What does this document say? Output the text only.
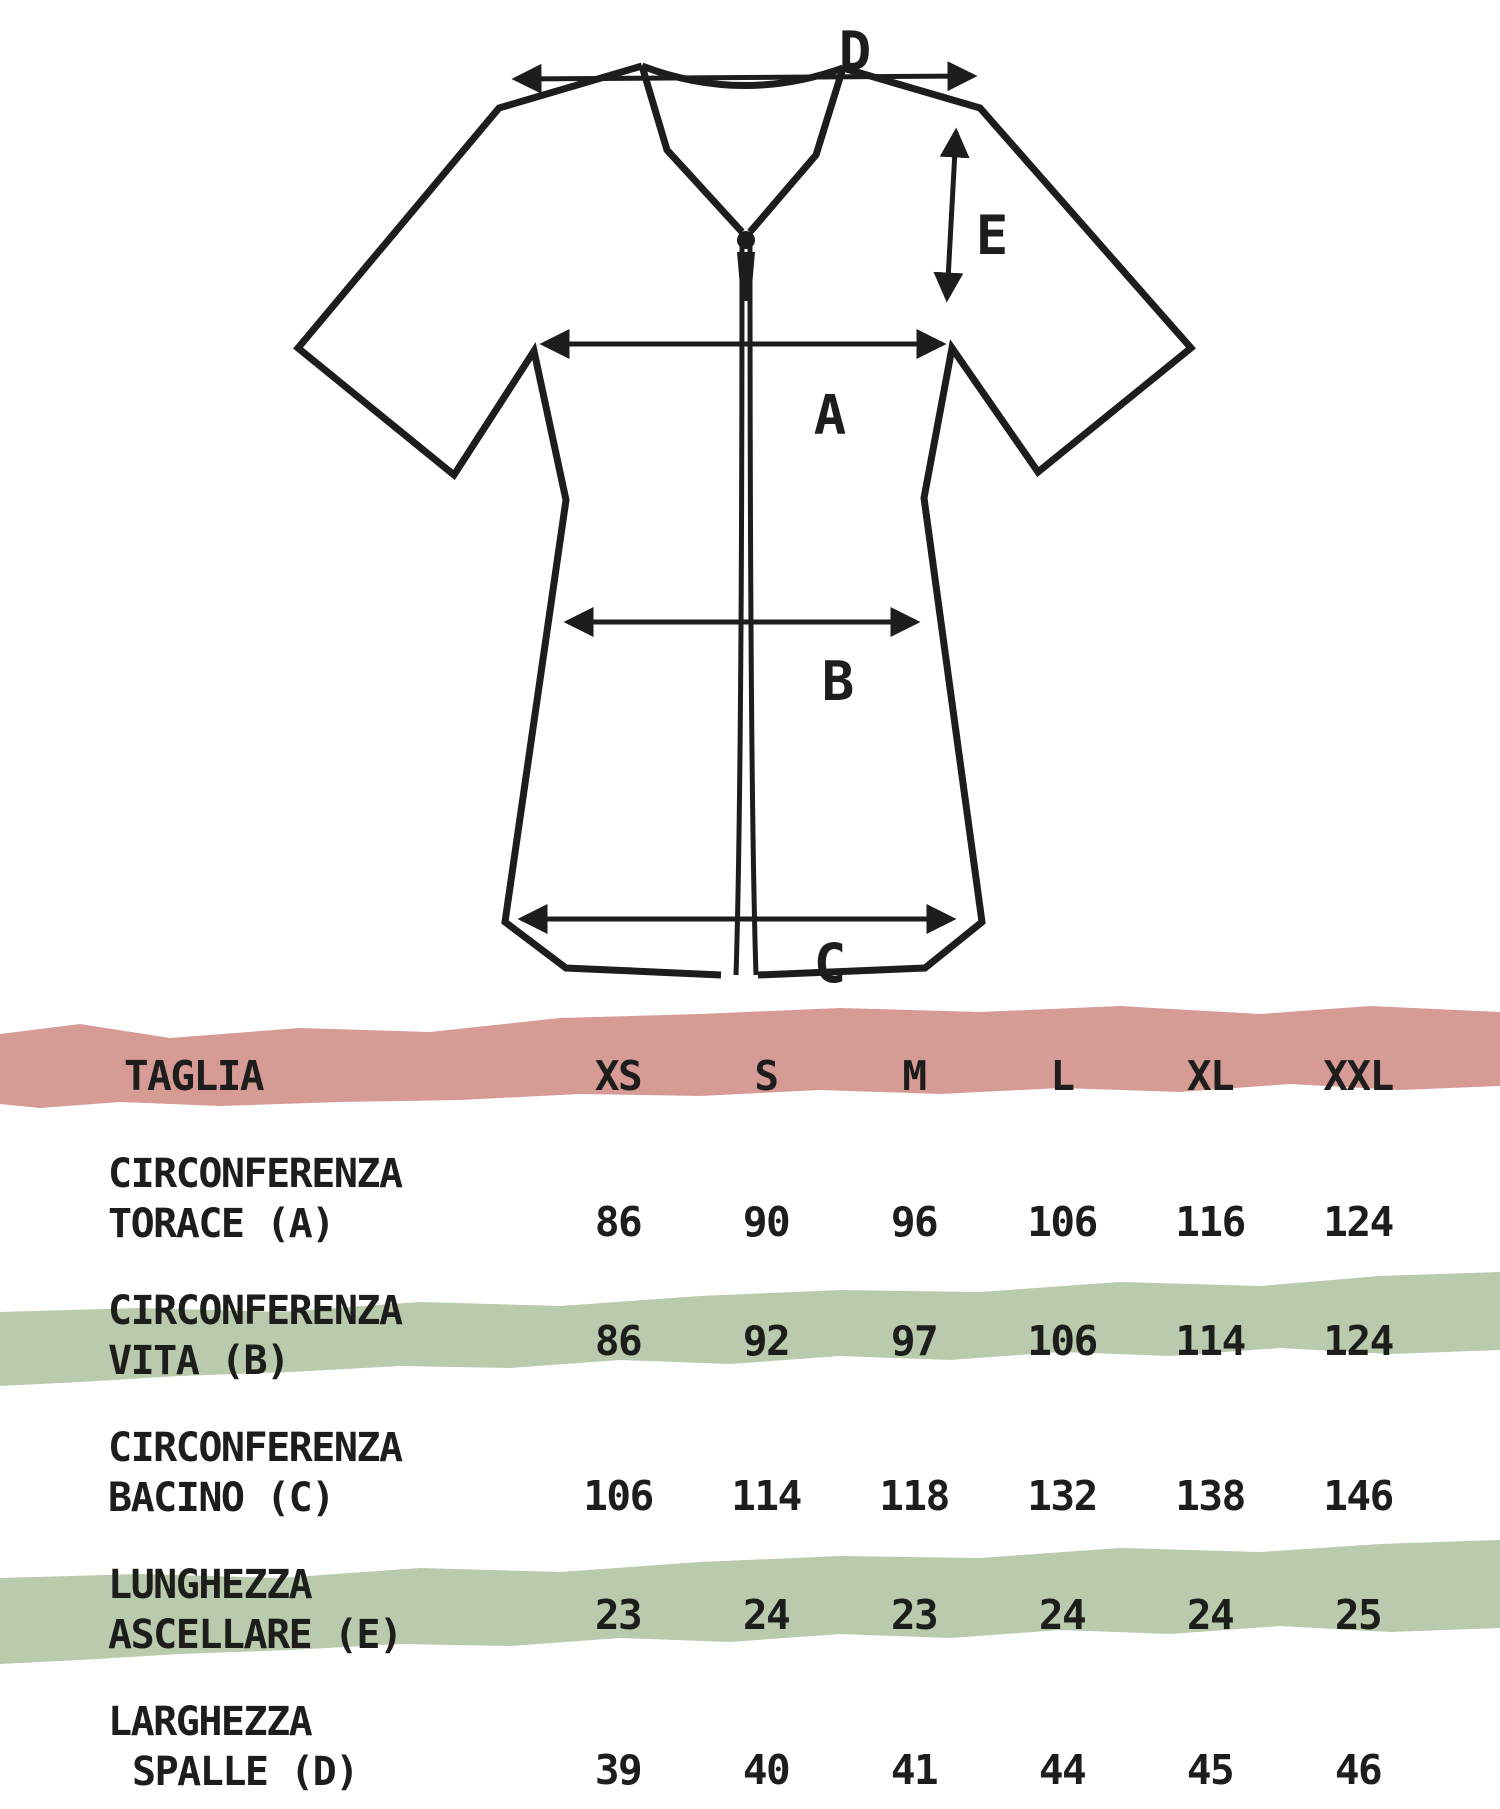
D
E
A
B
C
TAGLIA	XS	S	M	L	XL	XXL
CIRCONFERENZA
TORACE (A)	86	90	96	106	116	124
CIRCONFERENZA
VITA (B)	86	92	97	106	114	124
CIRCONFERENZA
BACINO (C)	106	114	118	132	138	146
LUNGHEZZA
ASCELLARE (E)	23	24	23	24	24	25
LARGHEZZA
SPALLE (D)	39	40	41	44	45	46
